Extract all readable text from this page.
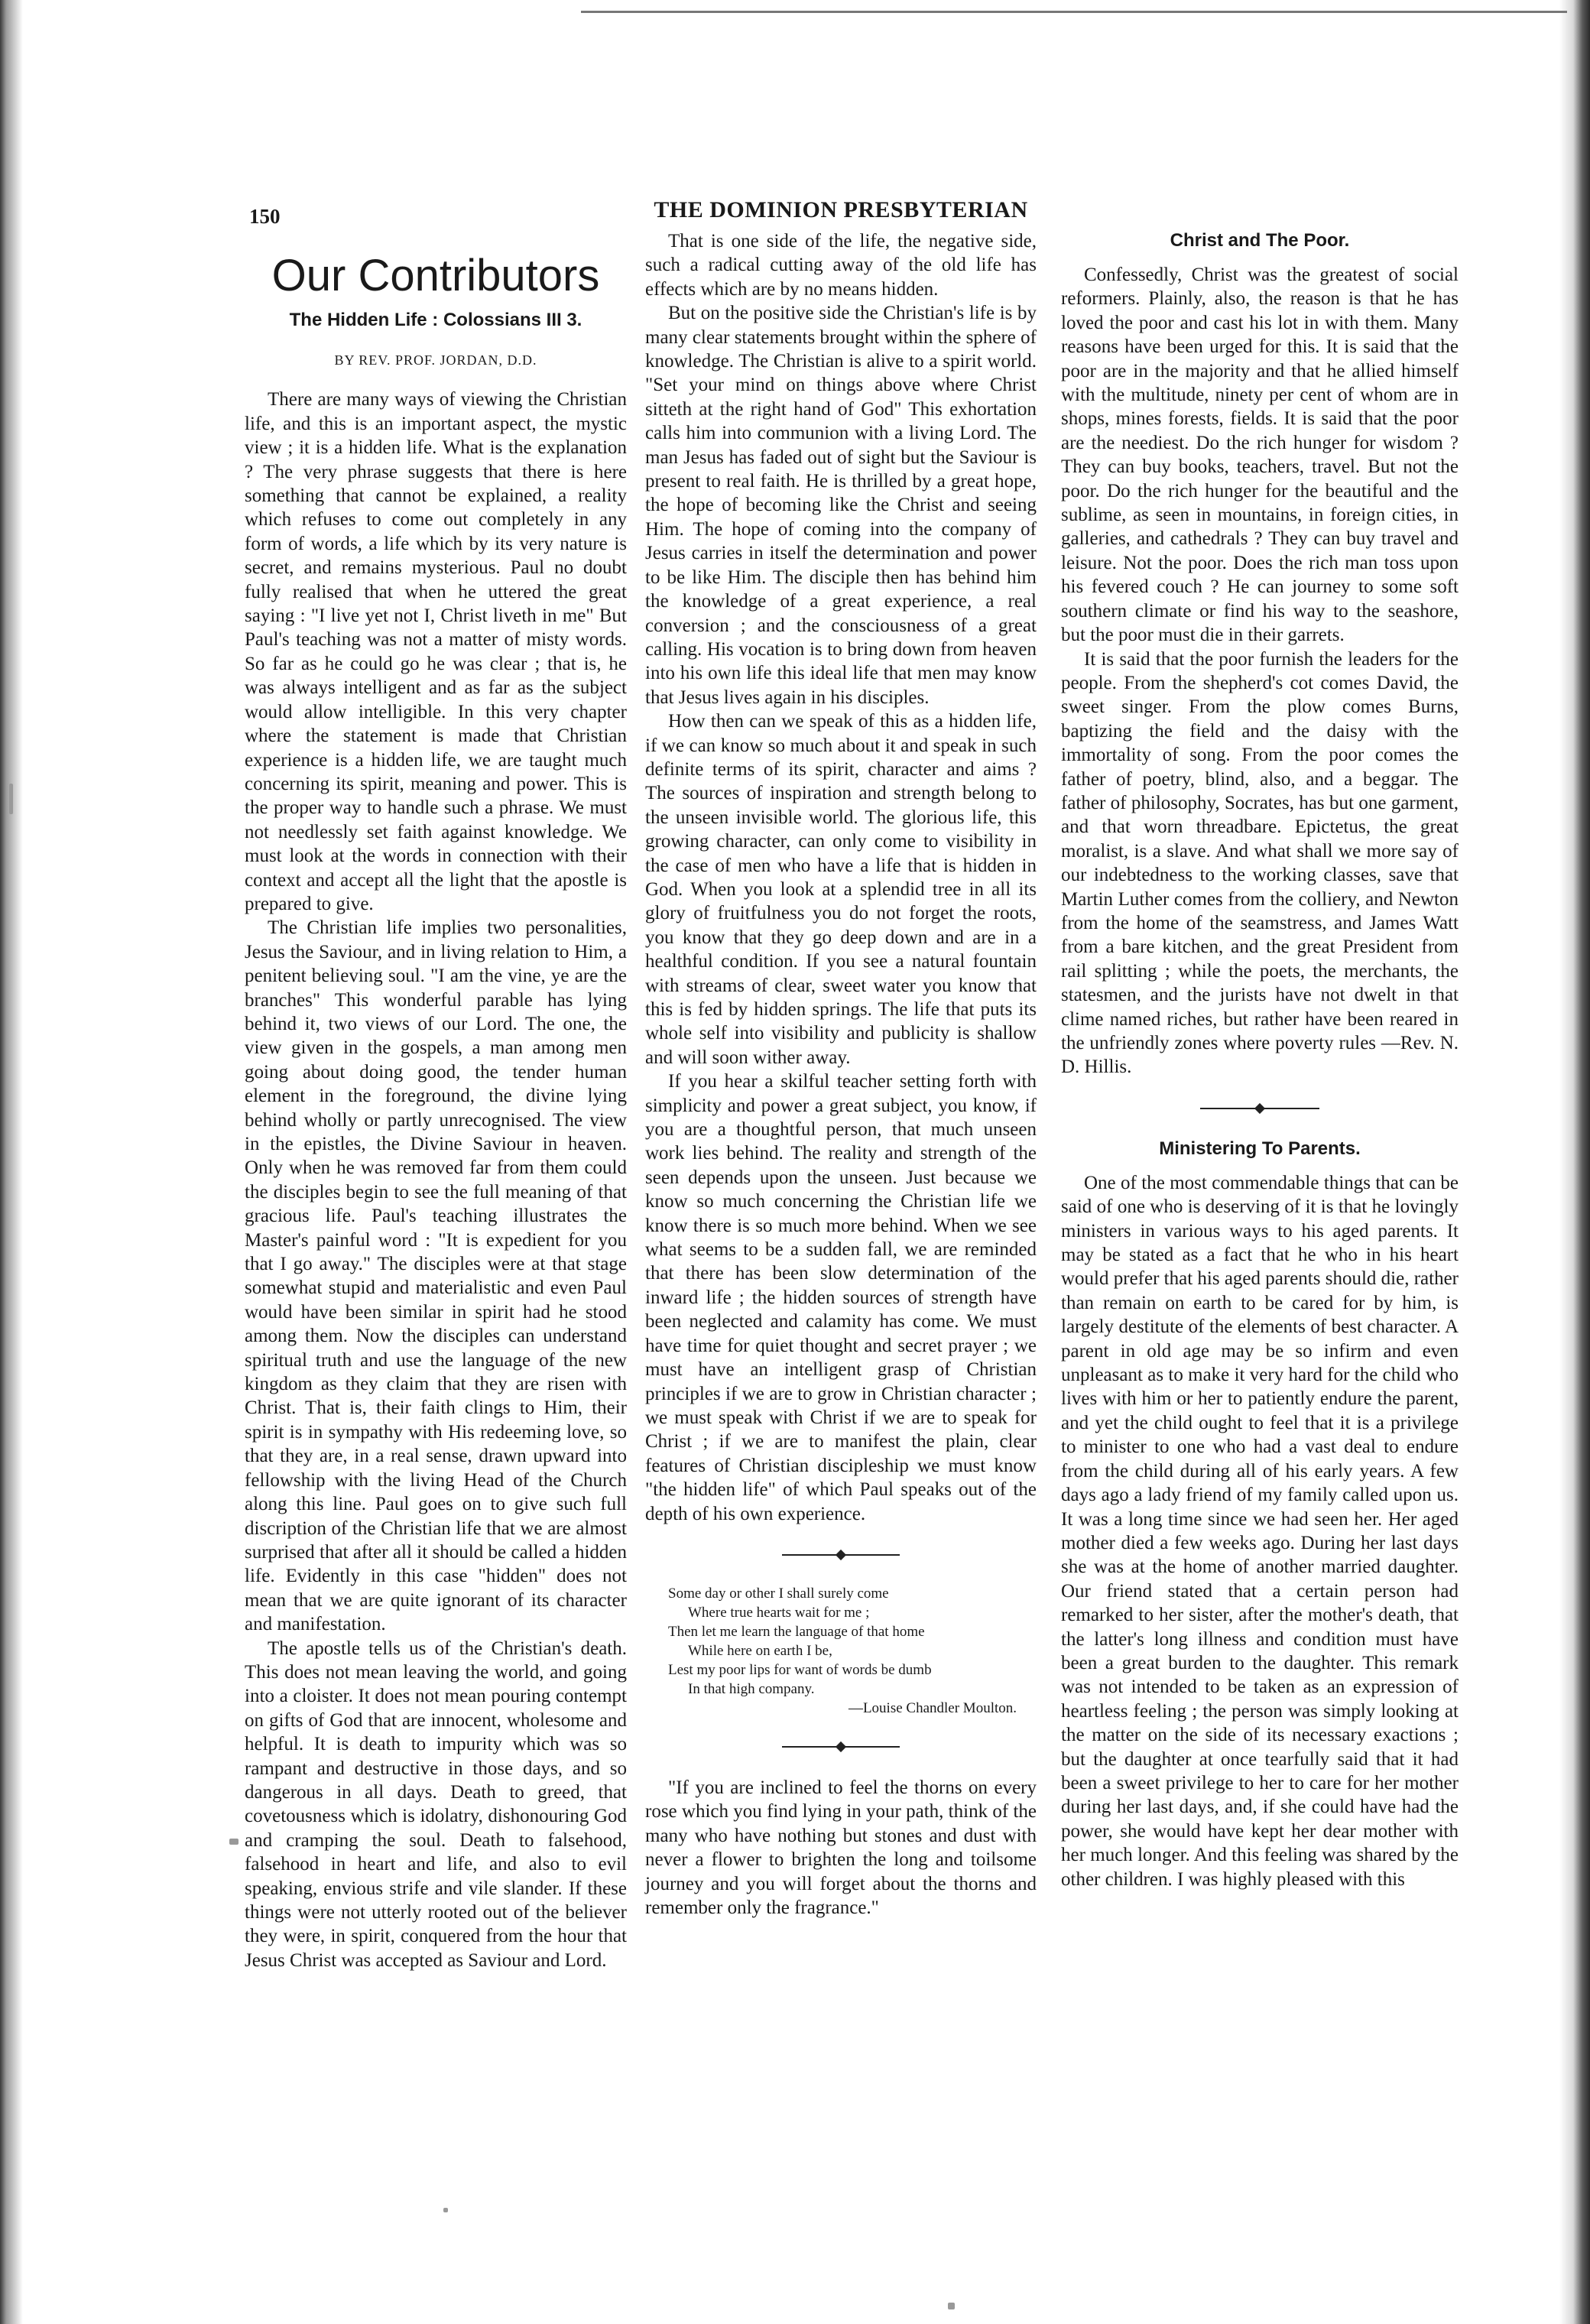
150	THE DOMINION PRESBYTERIAN
Our Contributors
The Hidden Life : Colossians III 3.
BY REV. PROF. JORDAN, D.D.

There are many ways of viewing the Christian life, and this is an important aspect, the mystic view ; it is a hidden life. What is the explanation ? The very phrase suggests that there is here something that cannot be explained, a reality which refuses to come out completely in any form of words, a life which by its very nature is secret, and remains mysterious. Paul no doubt fully realised that when he uttered the great saying : "I live yet not I, Christ liveth in me" But Paul's teaching was not a matter of misty words. So far as he could go he was clear ; that is, he was always intelligent and as far as the subject would allow intelligible. In this very chapter where the statement is made that Christian experience is a hidden life, we are taught much concerning its spirit, meaning and power. This is the proper way to handle such a phrase. We must not needlessly set faith against knowledge. We must look at the words in connection with their context and accept all the light that the apostle is prepared to give.

The Christian life implies two personalities, Jesus the Saviour, and in living relation to Him, a penitent believing soul. "I am the vine, ye are the branches" This wonderful parable has lying behind it, two views of our Lord. The one, the view given in the gospels, a man among men going about doing good, the tender human element in the foreground, the divine lying behind wholly or partly unrecognised. The view in the epistles, the Divine Saviour in heaven. Only when he was removed far from them could the disciples begin to see the full meaning of that gracious life. Paul's teaching illustrates the Master's painful word : "It is expedient for you that I go away." The disciples were at that stage somewhat stupid and materialistic and even Paul would have been similar in spirit had he stood among them. Now the disciples can understand spiritual truth and use the language of the new kingdom as they claim that they are risen with Christ. That is, their faith clings to Him, their spirit is in sympathy with His redeeming love, so that they are, in a real sense, drawn upward into fellowship with the living Head of the Church along this line. Paul goes on to give such full discription of the Christian life that we are almost surprised that after all it should be called a hidden life. Evidently in this case "hidden" does not mean that we are quite ignorant of its character and manifestation.

The apostle tells us of the Christian's death. This does not mean leaving the world, and going into a cloister. It does not mean pouring contempt on gifts of God that are innocent, wholesome and helpful. It is death to impurity which was so rampant and destructive in those days, and so dangerous in all days. Death to greed, that covetousness which is idolatry, dishonouring God and cramping the soul. Death to falsehood, falsehood in heart and life, and also to evil speaking, envious strife and vile slander. If these things were not utterly rooted out of the believer they were, in spirit, conquered from the hour that Jesus Christ was accepted as Saviour and Lord.

That is one side of the life, the negative side, such a radical cutting away of the old life has effects which are by no means hidden.

But on the positive side the Christian's life is by many clear statements brought within the sphere of knowledge. The Christian is alive to a spirit world. "Set your mind on things above where Christ sitteth at the right hand of God" This exhortation calls him into communion with a living Lord. The man Jesus has faded out of sight but the Saviour is present to real faith. He is thrilled by a great hope, the hope of becoming like the Christ and seeing Him. The hope of coming into the company of Jesus carries in itself the determination and power to be like Him. The disciple then has behind him the knowledge of a great experience, a real conversion ; and the consciousness of a great calling. His vocation is to bring down from heaven into his own life this ideal life that men may know that Jesus lives again in his disciples.

How then can we speak of this as a hidden life, if we can know so much about it and speak in such definite terms of its spirit, character and aims ? The sources of inspiration and strength belong to the unseen invisible world. The glorious life, this growing character, can only come to visibility in the case of men who have a life that is hidden in God. When you look at a splendid tree in all its glory of fruitfulness you do not forget the roots, you know that they go deep down and are in a healthful condition. If you see a natural fountain with streams of clear, sweet water you know that this is fed by hidden springs. The life that puts its whole self into visibility and publicity is shallow and will soon wither away.

If you hear a skilful teacher setting forth with simplicity and power a great subject, you know, if you are a thoughtful person, that much unseen work lies behind. The reality and strength of the seen depends upon the unseen. Just because we know so much concerning the Christian life we know there is so much more behind. When we see what seems to be a sudden fall, we are reminded that there has been slow determination of the inward life ; the hidden sources of strength have been neglected and calamity has come. We must have time for quiet thought and secret prayer ; we must have an intelligent grasp of Christian principles if we are to grow in Christian character ; we must speak with Christ if we are to speak for Christ ; if we are to manifest the plain, clear features of Christian discipleship we must know "the hidden life" of which Paul speaks out of the depth of his own experience.

Some day or other I shall surely come

Where true hearts wait for me ;

Then let me learn the language of that home

While here on earth I be,

Lest my poor lips for want of words be dumb

In that high company.

—Louise Chandler Moulton.

"If you are inclined to feel the thorns on every rose which you find lying in your path, think of the many who have nothing but stones and dust with never a flower to brighten the long and toilsome journey and you will forget about the thorns and remember only the fragrance."

Christ and The Poor.

Confessedly, Christ was the greatest of social reformers. Plainly, also, the reason is that he has loved the poor and cast his lot in with them. Many reasons have been urged for this. It is said that the poor are in the majority and that he allied himself with the multitude, ninety per cent of whom are in shops, mines forests, fields. It is said that the poor are the neediest. Do the rich hunger for wisdom ? They can buy books, teachers, travel. But not the poor. Do the rich hunger for the beautiful and the sublime, as seen in mountains, in foreign cities, in galleries, and cathedrals ? They can buy travel and leisure. Not the poor. Does the rich man toss upon his fevered couch ? He can journey to some soft southern climate or find his way to the seashore, but the poor must die in their garrets.

It is said that the poor furnish the leaders for the people. From the shepherd's cot comes David, the sweet singer. From the plow comes Burns, baptizing the field and the daisy with the immortality of song. From the poor comes the father of poetry, blind, also, and a beggar. The father of philosophy, Socrates, has but one garment, and that worn threadbare. Epictetus, the great moralist, is a slave. And what shall we more say of our indebtedness to the working classes, save that Martin Luther comes from the colliery, and Newton from the home of the seamstress, and James Watt from a bare kitchen, and the great President from rail splitting ; while the poets, the merchants, the statesmen, and the jurists have not dwelt in that clime named riches, but rather have been reared in the unfriendly zones where poverty rules —Rev. N. D. Hillis.

Ministering To Parents.

One of the most commendable things that can be said of one who is deserving of it is that he lovingly ministers in various ways to his aged parents. It may be stated as a fact that he who in his heart would prefer that his aged parents should die, rather than remain on earth to be cared for by him, is largely destitute of the elements of best character. A parent in old age may be so infirm and even unpleasant as to make it very hard for the child who lives with him or her to patiently endure the parent, and yet the child ought to feel that it is a privilege to minister to one who had a vast deal to endure from the child during all of his early years. A few days ago a lady friend of my family called upon us. It was a long time since we had seen her. Her aged mother died a few weeks ago. During her last days she was at the home of another married daughter. Our friend stated that a certain person had remarked to her sister, after the mother's death, that the latter's long illness and condition must have been a great burden to the daughter. This remark was not intended to be taken as an expression of heartless feeling ; the person was simply looking at the matter on the side of its necessary exactions ; but the daughter at once tearfully said that it had been a sweet privilege to her to care for her mother during her last days, and, if she could have had the power, she would have kept her dear mother with her much longer. And this feeling was shared by the other children. I was highly pleased with this
